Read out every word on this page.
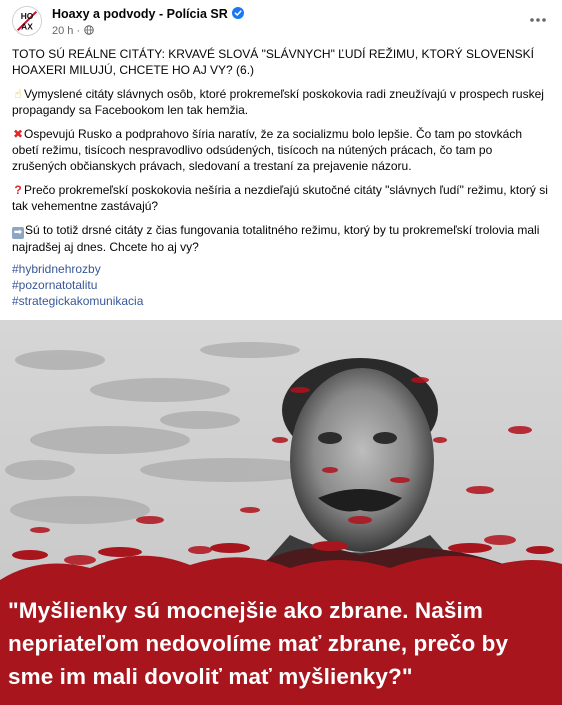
HO
AX
Hoaxy a podvody - Polícia SR
20 h ·
TOTO SÚ REÁLNE CITÁTY: KRVAVÉ SLOVÁ "SLÁVNYCH" ĽUDÍ REŽIMU, KTORÝ SLOVENSKÍ HOAXERI MILUJÚ, CHCETE HO AJ VY? (6.)
☝ Vymyslené citáty slávnych osôb, ktoré prokremeľskí poskokovia radi zneužívajú v prospech ruskej propagandy sa Facebookom len tak hemžia.
✖Ospevujú Rusko a podprahovo šíria naratív, že za socializmu bolo lepšie. Čo tam po stovkách obetí režimu, tisícoch nespravodlivo odsúdených, tisícoch na nútených prácach, čo tam po zrušených občianskych právach, sledovaní a trestaní za prejavenie názoru.
? Prečo prokremeľskí poskokovia nešíria a nezdieľajú skutočné citáty "slávnych ľudí" režimu, ktorý si tak vehementne zastávajú?
➡ Sú to totiž drsné citáty z čias fungovania totalitného režimu, ktorý by tu prokremeľskí trolovia mali najradšej aj dnes. Chcete ho aj vy?
#hybridnehrozby
#pozornatotalitu
#strategickakomunikacia
"Myšlienky sú mocnejšie ako zbrane. Našim nepriateľom nedovolíme mať zbrane, prečo by sme im mali dovoliť mať myšlienky?"
